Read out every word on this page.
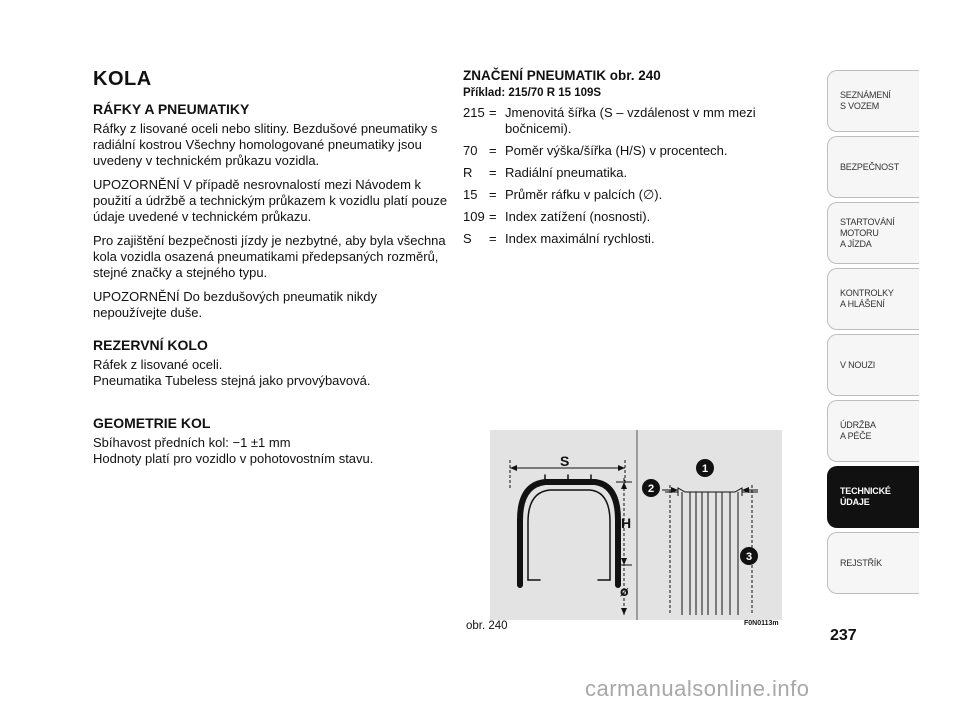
KOLA
RÁFKY A PNEUMATIKY

Ráfky z lisované oceli nebo slitiny. Bezdušové pneumatiky s radiální kostrou Všechny homologované pneumatiky jsou uvedeny v technickém průkazu vozidla.

UPOZORNĚNÍ V případě nesrovnalostí mezi Návodem k použití a údržbě a technickým průkazem k vozidlu platí pouze údaje uvedené v technickém průkazu.

Pro zajištění bezpečnosti jízdy je nezbytné, aby byla všechna kola vozidla osazená pneumatikami předepsaných rozměrů, stejné značky a stejného typu.

UPOZORNĚNÍ Do bezdušových pneumatik nikdy nepoužívejte duše.

REZERVNÍ KOLO

Ráfek z lisované oceli.

Pneumatika Tubeless stejná jako prvovýbavová.

GEOMETRIE KOL

Sbíhavost předních kol: −1 ±1 mm

Hodnoty platí pro vozidlo v pohotovostním stavu.

ZNAČENÍ PNEUMATIK obr. 240
Příklad: 215/70 R 15 109S
215 = Jmenovitá šířka (S – vzdálenost v mm mezi bočnicemi).
70 = Poměr výška/šířka (H/S) v procentech.
R	= Radiální pneumatika.
15 = Průměr ráfku v palcích (∅).
109 = Index zatížení (nosnosti).
S	= Index maximální rychlosti.
S
H
ø
1
2
3
obr. 240	F0N0113m
SEZNÁMENÍ
S VOZEM
BEZPEČNOST
STARTOVÁNÍ
MOTORU
A JÍZDA
KONTROLKY
A HLÁŠENÍ
V NOUZI
ÚDRŽBA
A PÉČE
TECHNICKÉ
ÚDAJE
REJSTŘÍK
237
carmanualsonline.info
